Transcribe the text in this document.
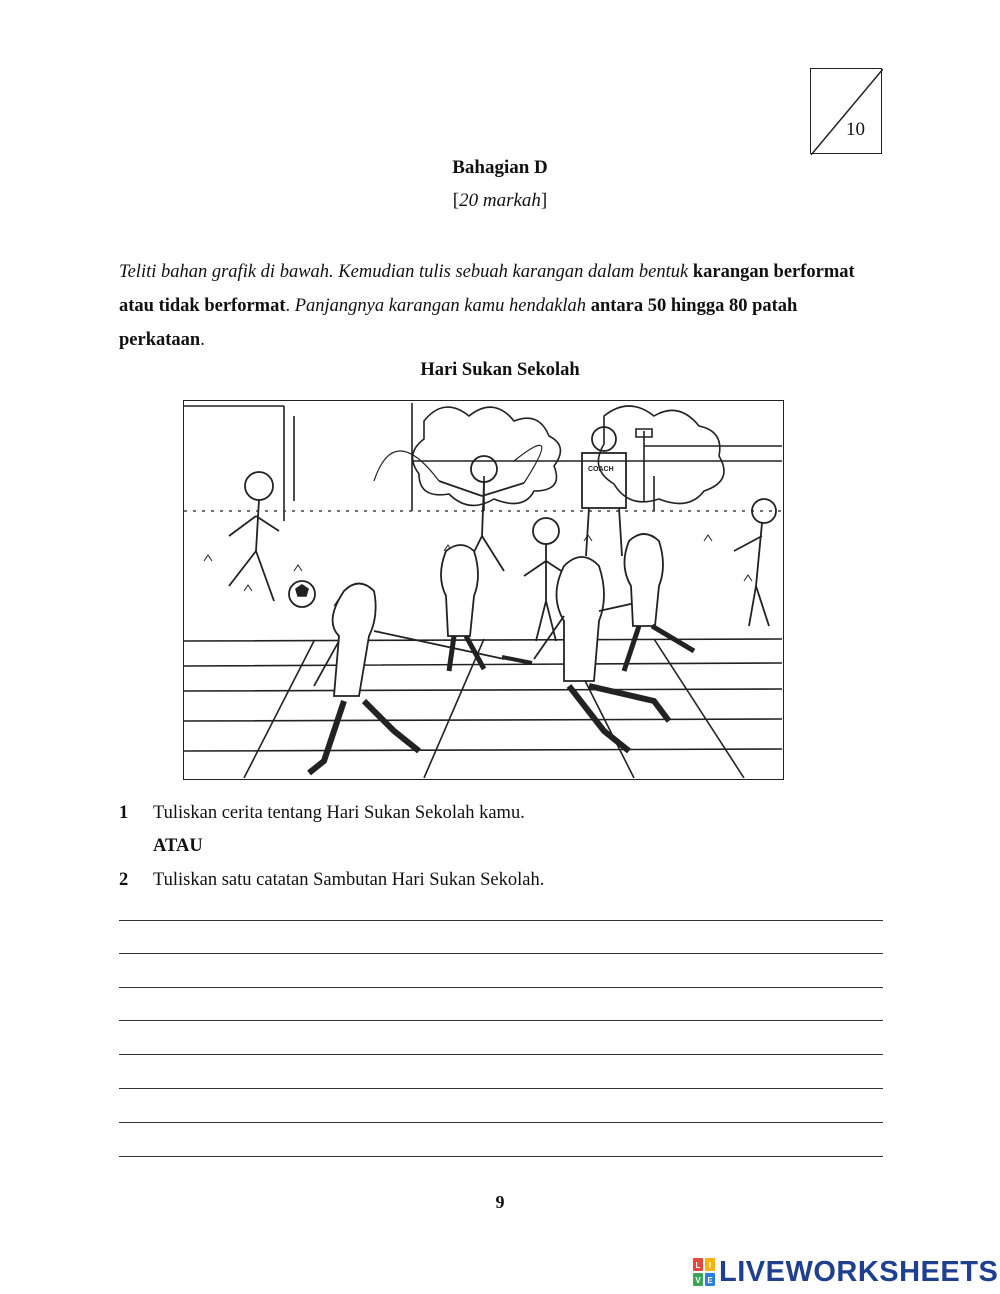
10
Bahagian D
[20 markah]
Teliti bahan grafik di bawah. Kemudian tulis sebuah karangan dalam bentuk karangan berformat atau tidak berformat. Panjangnya karangan kamu hendaklah antara 50 hingga 80 patah perkataan.
Hari Sukan Sekolah
COACH
1 Tuliskan cerita tentang Hari Sukan Sekolah kamu.
ATAU
2 Tuliskan satu catatan Sambutan Hari Sukan Sekolah.
9
L I
V E LIVEWORKSHEETS
